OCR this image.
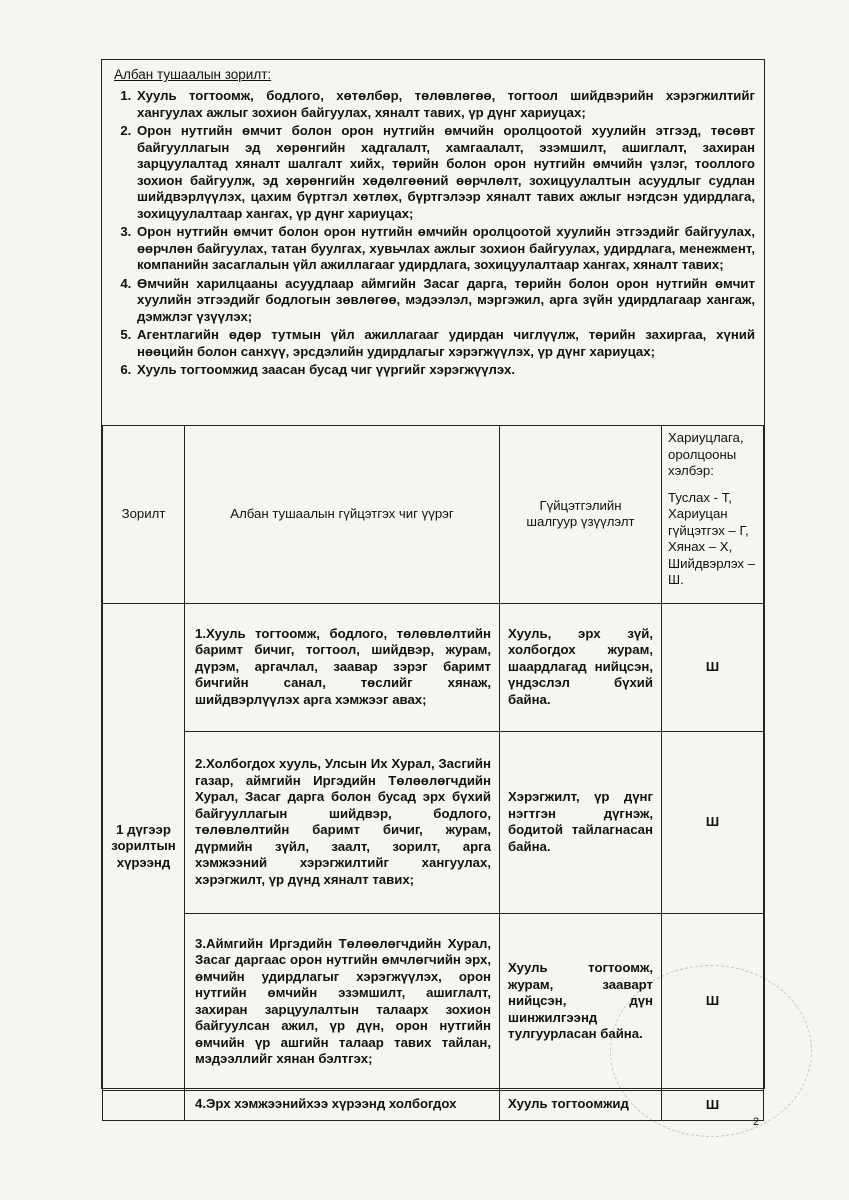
Албан тушаалын зорилт:
1. Хууль тогтоомж, бодлого, хөтөлбөр, төлөвлөгөө, тогтоол шийдвэрийн хэрэгжилтийг хангуулах ажлыг зохион байгуулах, хяналт тавих, үр дүнг хариуцах;
2. Орон нутгийн өмчит болон орон нутгийн өмчийн оролцоотой хуулийн этгээд, төсөвт байгууллагын эд хөрөнгийн хадгалалт, хамгаалалт, эзэмшилт, ашиглалт, захиран зарцуулалтад хяналт шалгалт хийх, төрийн болон орон нутгийн өмчийн үзлэг, тооллого зохион байгуулж, эд хөрөнгийн хөдөлгөөний өөрчлөлт, зохицуулалтын асуудлыг судлан шийдвэрлүүлэх, цахим бүртгэл хөтлөх, бүртгэлээр хяналт тавих ажлыг нэгдсэн удирдлага, зохицуулалтаар хангах, үр дүнг хариуцах;
3. Орон нутгийн өмчит болон орон нутгийн өмчийн оролцоотой хуулийн этгээдийг байгуулах, өөрчлөн байгуулах, татан буулгах, хувьчлах ажлыг зохион байгуулах, удирдлага, менежмент, компанийн засаглалын үйл ажиллагааг удирдлага, зохицуулалтаар хангах, хяналт тавих;
4. Өмчийн харилцааны асуудлаар аймгийн Засаг дарга, төрийн болон орон нутгийн өмчит хуулийн этгээдийг бодлогын зөвлөгөө, мэдээлэл, мэргэжил, арга зүйн удирдлагаар хангаж, дэмжлэг үзүүлэх;
5. Агентлагийн өдөр тутмын үйл ажиллагааг удирдан чиглүүлж, төрийн захиргаа, хүний нөөцийн болон санхүү, эрсдэлийн удирдлагыг хэрэгжүүлэх, үр дүнг хариуцах;
6. Хууль тогтоомжид заасан бусад чиг үүргийг хэрэгжүүлэх.
Зорилт	Албан тушаалын гүйцэтгэх чиг үүрэг	Гүйцэтгэлийн шалгуур үзүүлэлт	Хариуцлага, оролцооны хэлбэр:

Туслах - Т, Хариуцан гүйцэтгэх – Г, Хянах – Х, Шийдвэрлэх – Ш.

1 дүгээр зорилтын хүрээнд	1.Хууль тогтоомж, бодлого, төлөвлөлтийн баримт бичиг, тогтоол, шийдвэр, журам, дүрэм, аргачлал, заавар зэрэг баримт бичгийн санал, төслийг хянаж, шийдвэрлүүлэх арга хэмжээг авах;	Хууль, эрх зүй, холбогдох журам, шаардлагад нийцсэн, үндэслэл бүхий байна.	Ш
	2.Холбогдох хууль, Улсын Их Хурал, Засгийн газар, аймгийн Иргэдийн Төлөөлөгчдийн Хурал, Засаг дарга болон бусад эрх бүхий байгууллагын шийдвэр, бодлого, төлөвлөлтийн баримт бичиг, журам, дүрмийн зүйл, заалт, зорилт, арга хэмжээний хэрэгжилтийг хангуулах, хэрэгжилт, үр дүнд хяналт тавих;	Хэрэгжилт, үр дүнг нэгтгэн дүгнэж, бодитой тайлагнасан байна.	Ш
	3.Аймгийн Иргэдийн Төлөөлөгчдийн Хурал, Засаг даргаас орон нутгийн өмчлөгчийн эрх, өмчийн удирдлагыг хэрэгжүүлэх, орон нутгийн өмчийн эзэмшилт, ашиглалт, захиран зарцуулалтын талаарх зохион байгуулсан ажил, үр дүн, орон нутгийн өмчийн үр ашгийн талаар тавих тайлан, мэдээллийг хянан бэлтгэх;	Хууль тогтоомж, журам, зааварт нийцсэн, дүн шинжилгээнд тулгуурласан байна.	Ш
	4.Эрх хэмжээнийхээ хүрээнд холбогдох	Хууль тогтоомжид	Ш
2
